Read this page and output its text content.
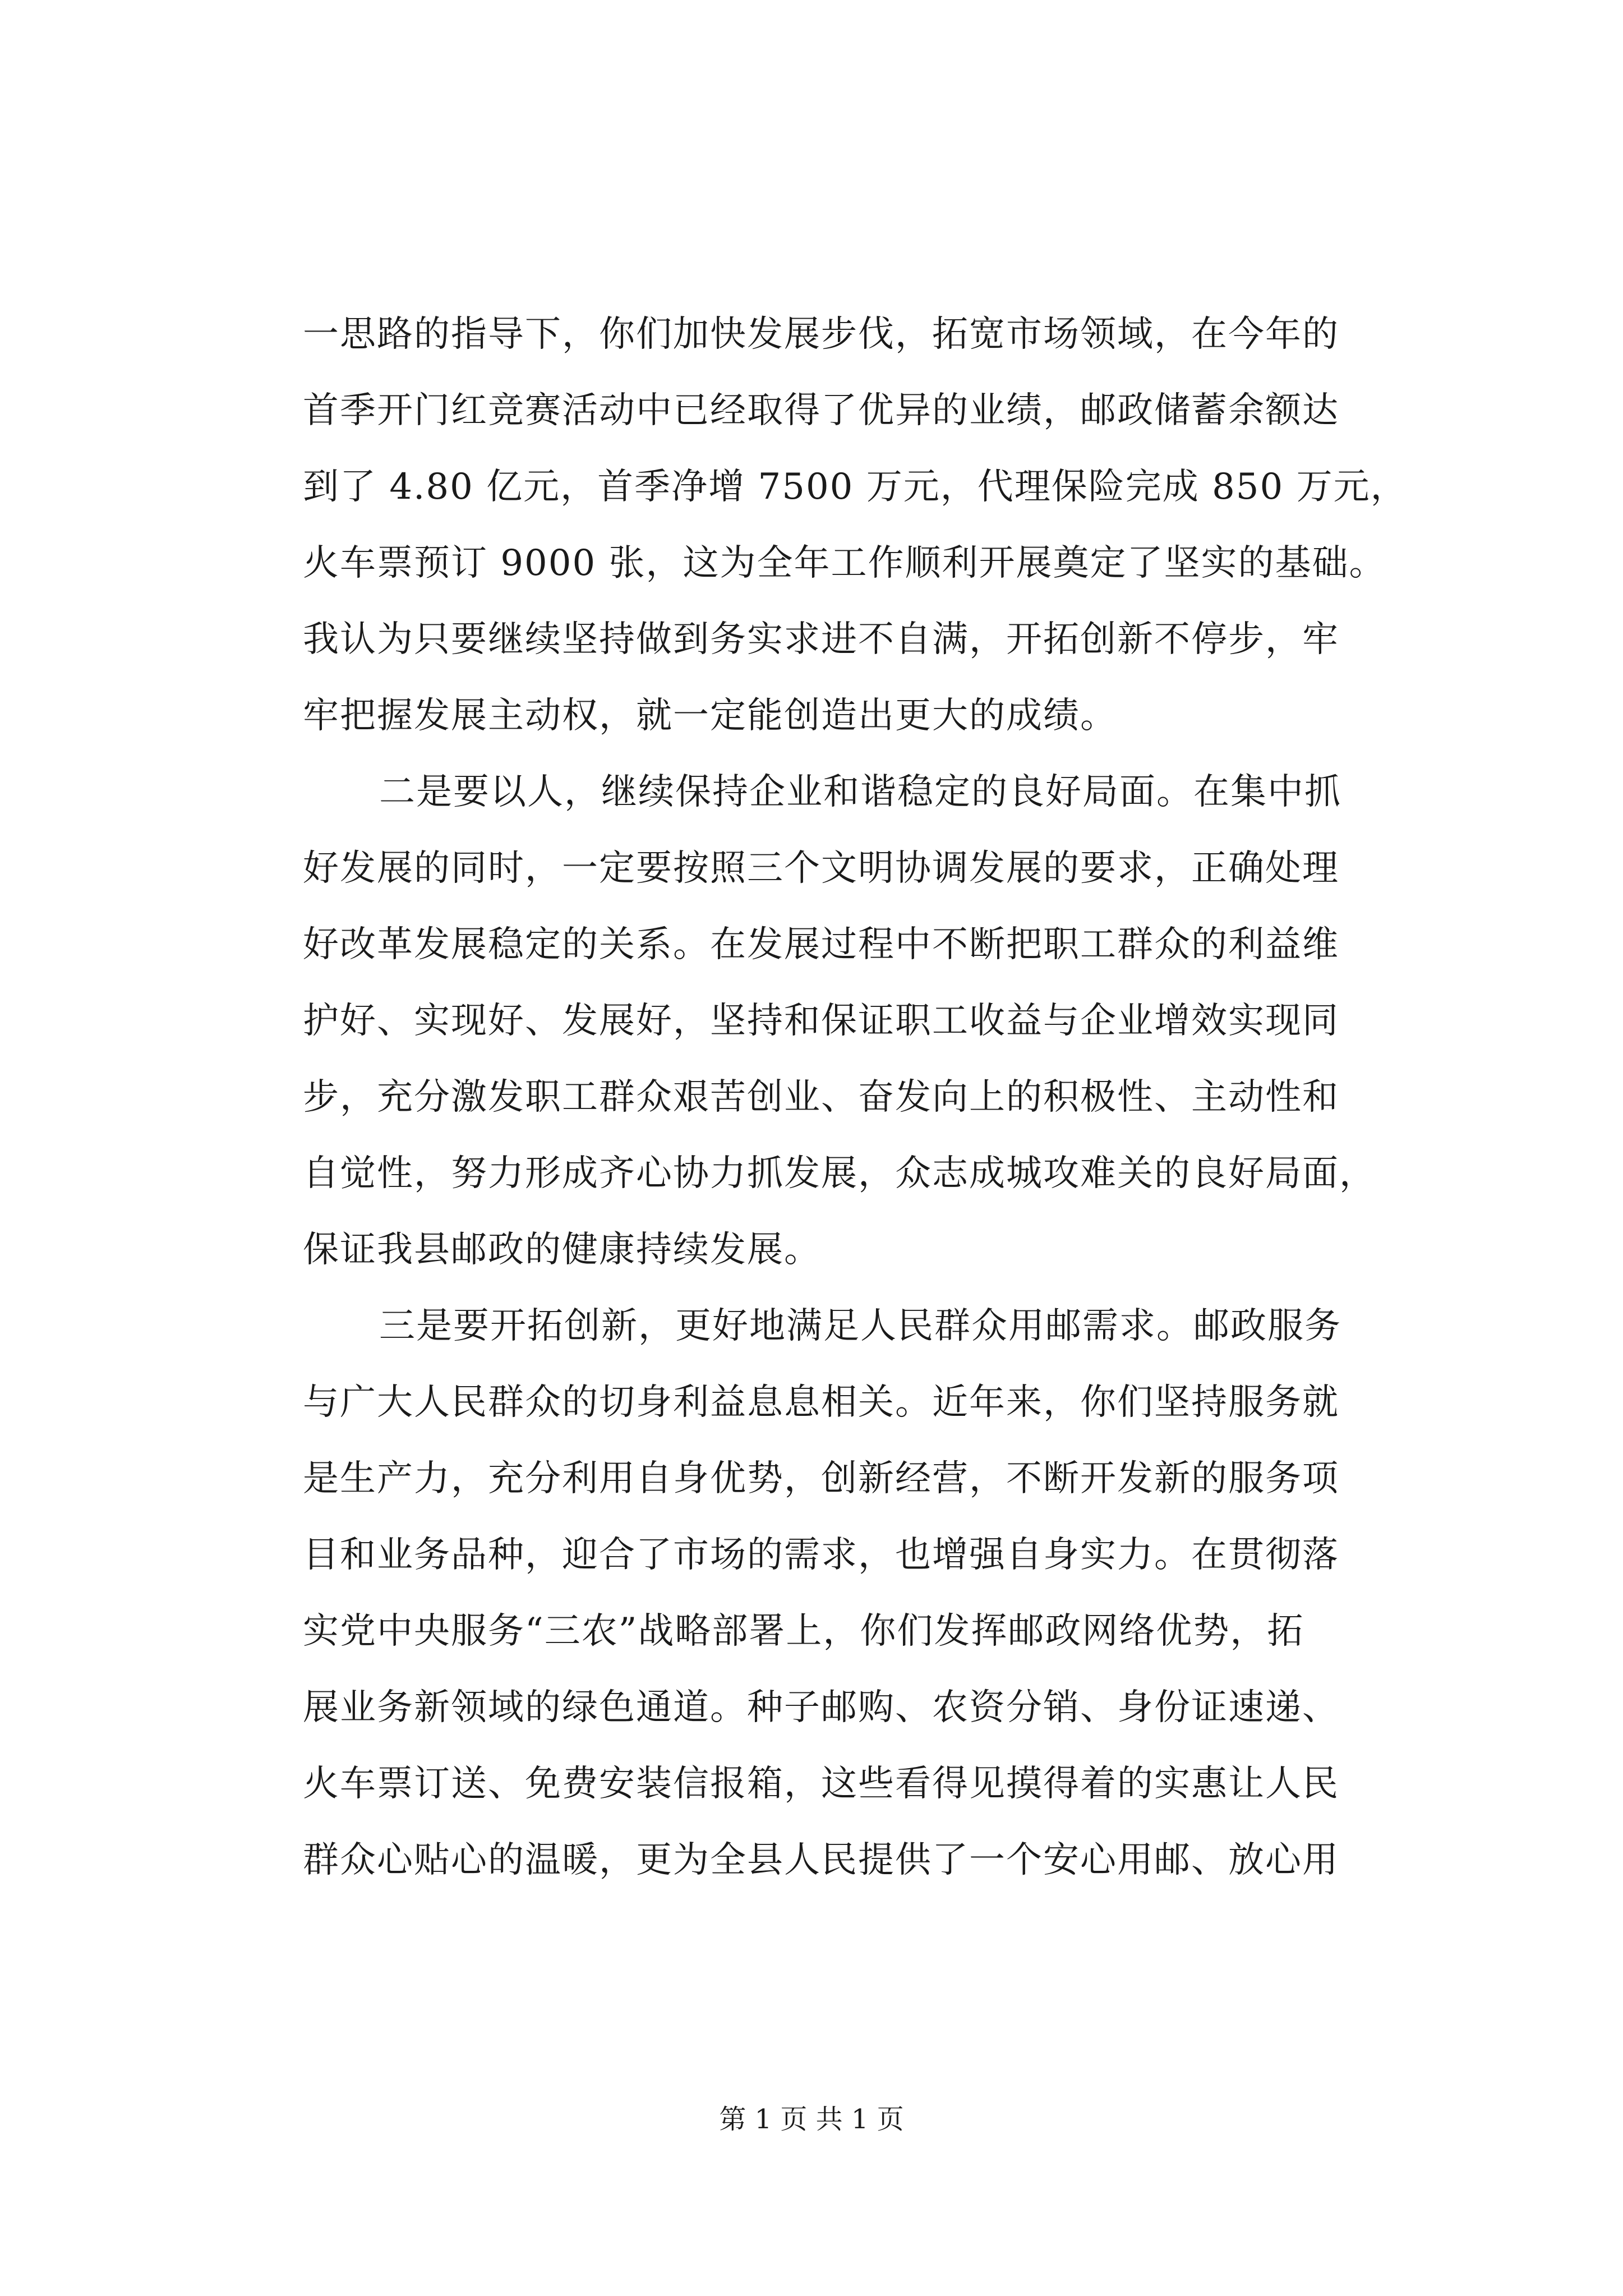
一思路的指导下，你们加快发展步伐，拓宽市场领域，在今年的
首季开门红竞赛活动中已经取得了优异的业绩，邮政储蓄余额达
到了 4.80 亿元，首季净增 7500 万元，代理保险完成 850 万元，
火车票预订 9000 张，这为全年工作顺利开展奠定了坚实的基础。
我认为只要继续坚持做到务实求进不自满，开拓创新不停步，牢
牢把握发展主动权，就一定能创造出更大的成绩。
二是要以人，继续保持企业和谐稳定的良好局面。在集中抓
好发展的同时，一定要按照三个文明协调发展的要求，正确处理
好改革发展稳定的关系。在发展过程中不断把职工群众的利益维
护好、实现好、发展好，坚持和保证职工收益与企业增效实现同
步，充分激发职工群众艰苦创业、奋发向上的积极性、主动性和
自觉性，努力形成齐心协力抓发展，众志成城攻难关的良好局面，
保证我县邮政的健康持续发展。
三是要开拓创新，更好地满足人民群众用邮需求。邮政服务
与广大人民群众的切身利益息息相关。近年来，你们坚持服务就
是生产力，充分利用自身优势，创新经营，不断开发新的服务项
目和业务品种，迎合了市场的需求，也增强自身实力。在贯彻落
实党中央服务“三农”战略部署上，你们发挥邮政网络优势，拓
展业务新领域的绿色通道。种子邮购、农资分销、身份证速递、
火车票订送、免费安装信报箱，这些看得见摸得着的实惠让人民
群众心贴心的温暖，更为全县人民提供了一个安心用邮、放心用
第 1 页 共 1 页
